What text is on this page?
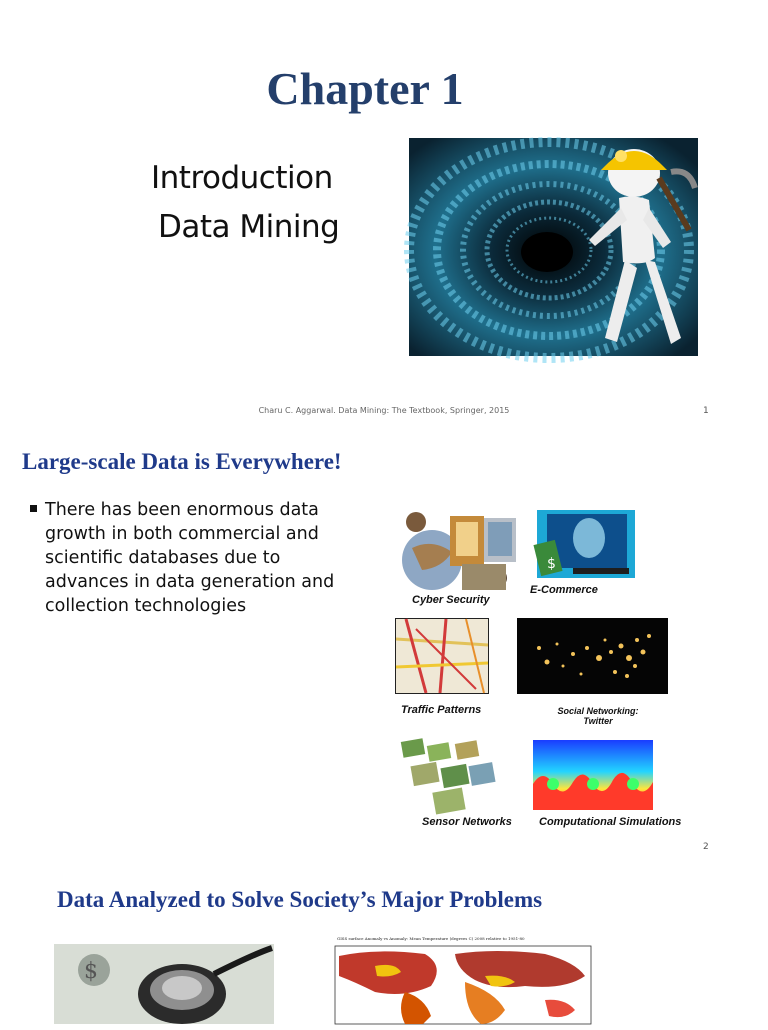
Chapter 1
Introduction
Data Mining
Charu C. Aggarwal. Data Mining: The Textbook, Springer, 2015	1
Large-scale Data is Everywhere!
There has been enormous data growth in both commercial and scientific databases due to advances in data generation and collection technologies	Cyber Security
$
E-Commerce
Traffic Patterns	Social Networking:
Twitter
Sensor Networks Computational Simulations
2
Data Analyzed to Solve Society’s Major Problems
$
GISS surface Anomaly vs Anomaly: Mean Temperature (degrees C) 2008 relative to 1951-80
